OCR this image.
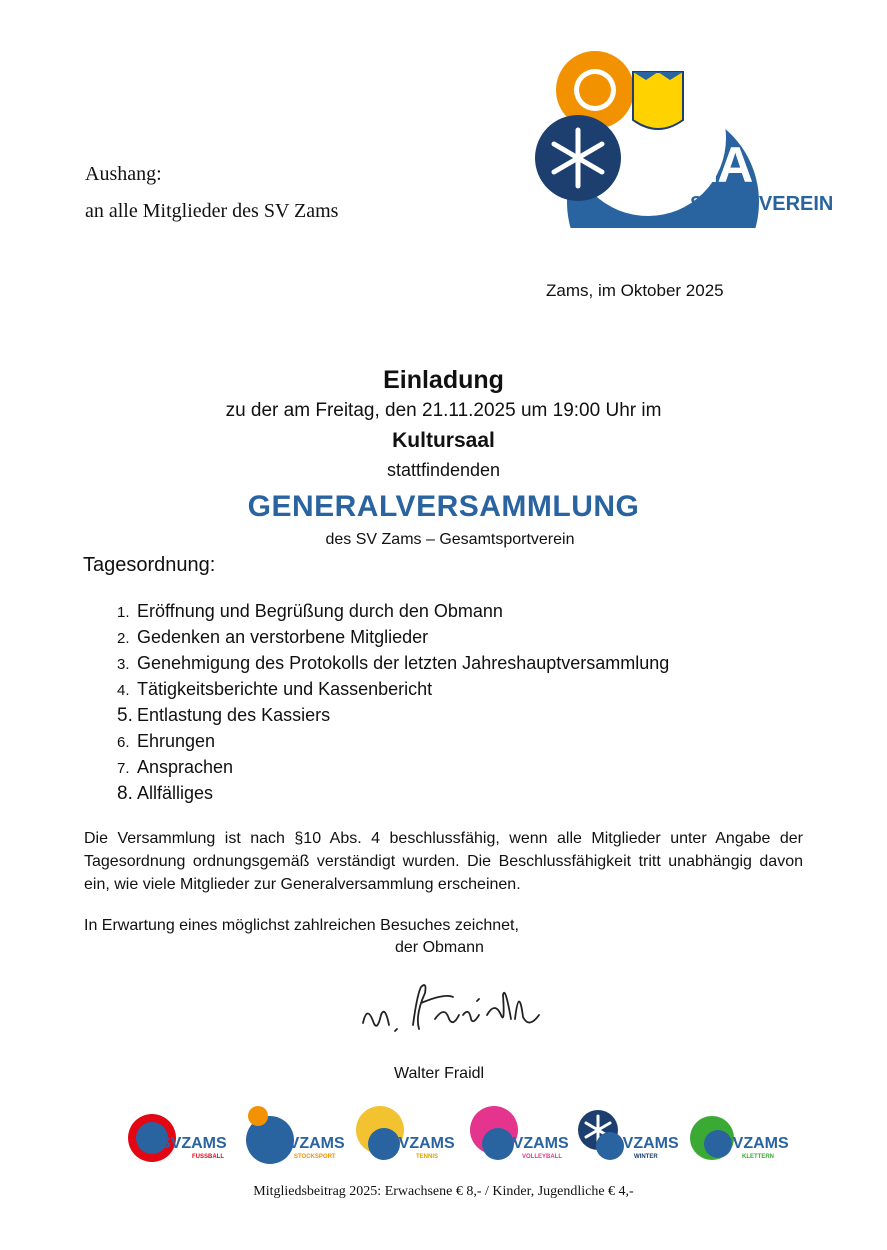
Aushang:
an alle Mitglieder des SV Zams
SVZAMS
SPORTVEREIN
Zams, im Oktober 2025
Einladung
zu der am Freitag, den 21.11.2025 um 19:00 Uhr im
Kultursaal
stattfindenden
GENERALVERSAMMLUNG
des SV Zams – Gesamtsportverein
Tagesordnung:
1. Eröffnung und Begrüßung durch den Obmann
2. Gedenken an verstorbene Mitglieder
3. Genehmigung des Protokolls der letzten Jahreshauptversammlung
4. Tätigkeitsberichte und Kassenbericht
5. Entlastung des Kassiers
6. Ehrungen
7. Ansprachen
8. Allfälliges
Die Versammlung ist nach §10 Abs. 4 beschlussfähig, wenn alle Mitglieder unter Angabe der Tagesordnung ordnungsgemäß verständigt wurden. Die Beschlussfähigkeit tritt unabhängig davon ein, wie viele Mitglieder zur Generalversammlung erscheinen.
In Erwartung eines möglichst zahlreichen Besuches zeichnet,
der Obmann
Walter Fraidl
SVZAMS
FUSSBALL
SVZAMS
STOCKSPORT
SVZAMS
TENNIS
SVZAMS
VOLLEYBALL
SVZAMS
WINTER
SVZAMS
KLETTERN
Mitgliedsbeitrag 2025: Erwachsene € 8,- / Kinder, Jugendliche € 4,-
